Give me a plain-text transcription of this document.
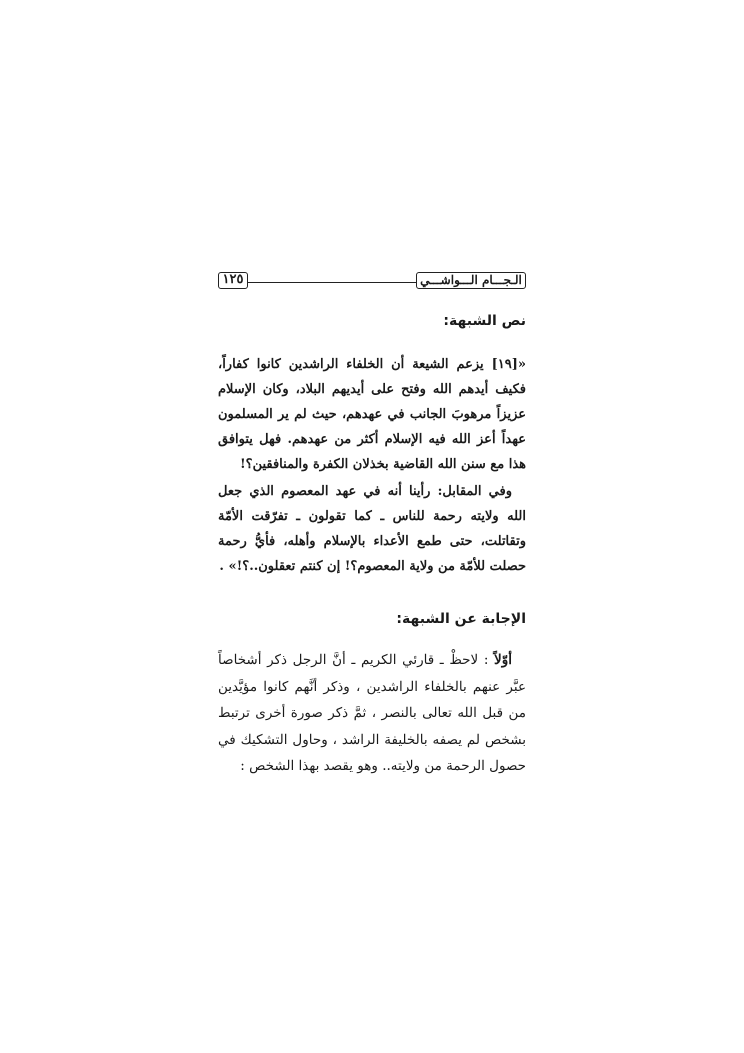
١٢٥	الـجـــام الـــواشـــي
نص الشبهة:

«[١٩] يزعم الشيعة أن الخلفاء الراشدين كانوا كفاراً، فكيف أيدهم الله وفتح على أيديهم البلاد، وكان الإسلام عزيزاً مرهوبَ الجانب في عهدهم، حيث لم ير المسلمون عهداً أعز الله فيه الإسلام أكثر من عهدهم. فهل يتوافق هذا مع سنن الله القاضية بخذلان الكفرة والمنافقين؟!

وفي المقابل: رأينا أنه في عهد المعصوم الذي جعل الله ولايته رحمة للناس ـ كما تقولون ـ تفرّقت الأمّة وتقاتلت، حتى طمع الأعداء بالإسلام وأهله، فأيُّ رحمة حصلت للأمّة من ولاية المعصوم؟! إن كنتم تعقلون..؟!» .

الإجابة عن الشبهة:

أوّلاً : لاحظْ ـ قارئي الكريم ـ أنَّ الرجل ذكر أشخاصاً عبَّر عنهم بالخلفاء الراشدين ، وذكر أنَّهم كانوا مؤيَّدين من قبل الله تعالى بالنصر ، ثمَّ ذكر صورة أخرى ترتبط بشخص لم يصفه بالخليفة الراشد ، وحاول التشكيك في حصول الرحمة من ولايته.. وهو يقصد بهذا الشخص :
